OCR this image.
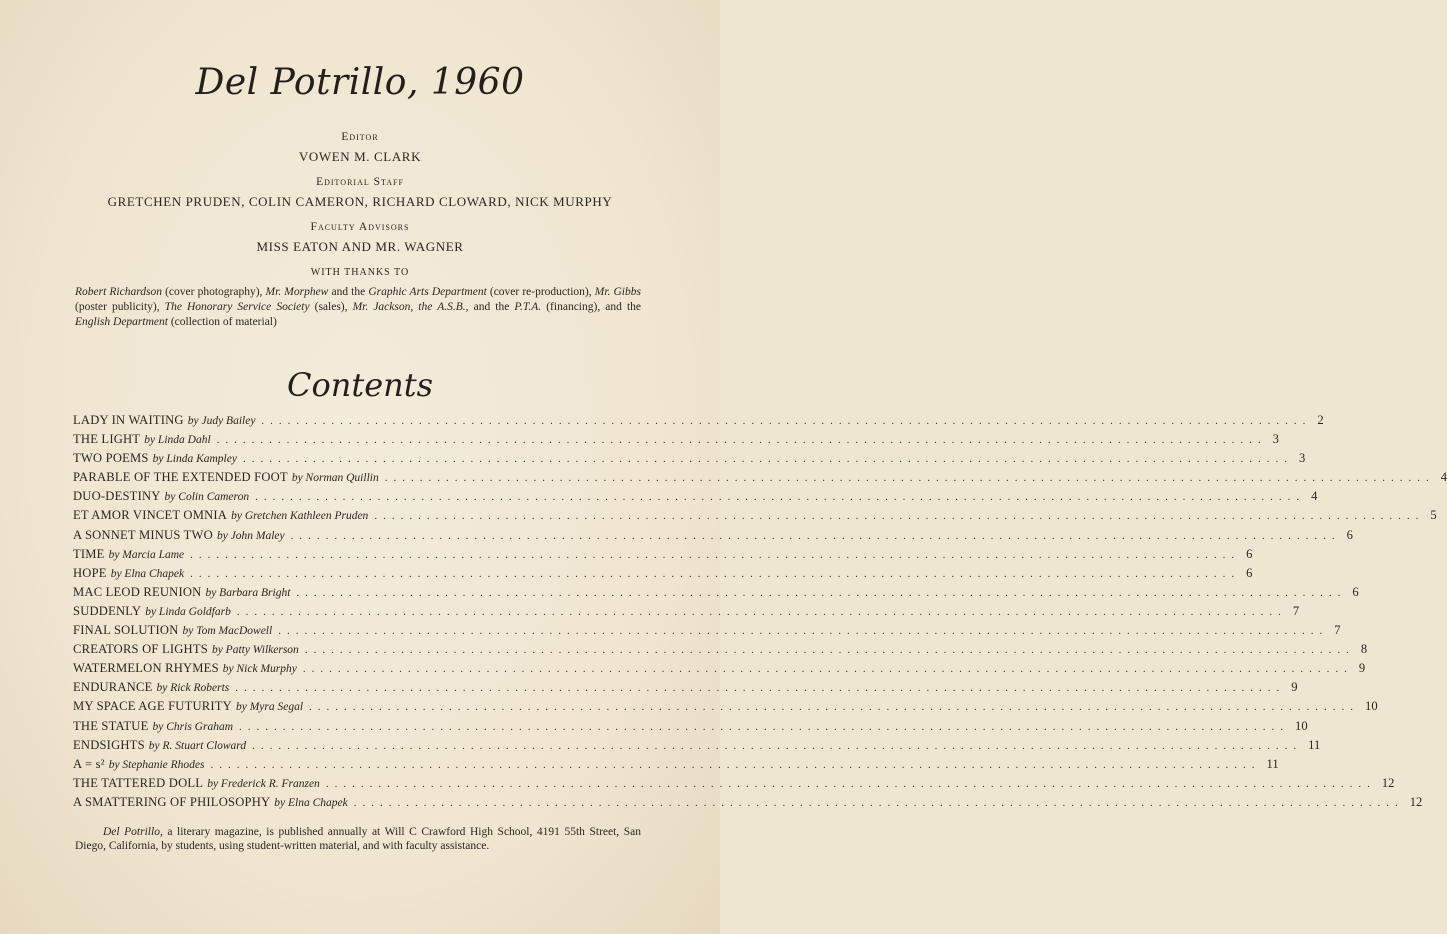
Del Potrillo, 1960
Editor
VOWEN M. CLARK
Editorial Staff
GRETCHEN PRUDEN, COLIN CAMERON, RICHARD CLOWARD, NICK MURPHY
Faculty Advisors
MISS EATON AND MR. WAGNER
WITH THANKS TO
Robert Richardson (cover photography), Mr. Morphew and the Graphic Arts Department (cover re-production), Mr. Gibbs (poster publicity), The Honorary Service Society (sales), Mr. Jackson, the A.S.B., and the P.T.A. (financing), and the English Department (collection of material)
Contents
LADY IN WAITING by Judy Bailey ........................................................................................................................ 2
THE LIGHT by Linda Dahl ........................................................................................................................ 3
TWO POEMS by Linda Kampley ........................................................................................................................ 3
PARABLE OF THE EXTENDED FOOT by Norman Quillin ........................................................................................................................ 4
DUO-DESTINY by Colin Cameron ........................................................................................................................ 4
ET AMOR VINCET OMNIA by Gretchen Kathleen Pruden ........................................................................................................................ 5
A SONNET MINUS TWO by John Maley ........................................................................................................................ 6
TIME by Marcia Lame ........................................................................................................................ 6
HOPE by Elna Chapek ........................................................................................................................ 6
MAC LEOD REUNION by Barbara Bright ........................................................................................................................ 6
SUDDENLY by Linda Goldfarb ........................................................................................................................ 7
FINAL SOLUTION by Tom MacDowell ........................................................................................................................ 7
CREATORS OF LIGHTS by Patty Wilkerson ........................................................................................................................ 8
WATERMELON RHYMES by Nick Murphy ........................................................................................................................ 9
ENDURANCE by Rick Roberts ........................................................................................................................ 9
MY SPACE AGE FUTURITY by Myra Segal ........................................................................................................................ 10
THE STATUE by Chris Graham ........................................................................................................................ 10
ENDSIGHTS by R. Stuart Cloward ........................................................................................................................ 11
A = s² by Stephanie Rhodes ........................................................................................................................ 11
THE TATTERED DOLL by Frederick R. Franzen ........................................................................................................................ 12
A SMATTERING OF PHILOSOPHY by Elna Chapek ........................................................................................................................ 12
Del Potrillo, a literary magazine, is published annually at Will C Crawford High School, 4191 55th Street, San Diego, California, by students, using student-written material, and with faculty assistance.
